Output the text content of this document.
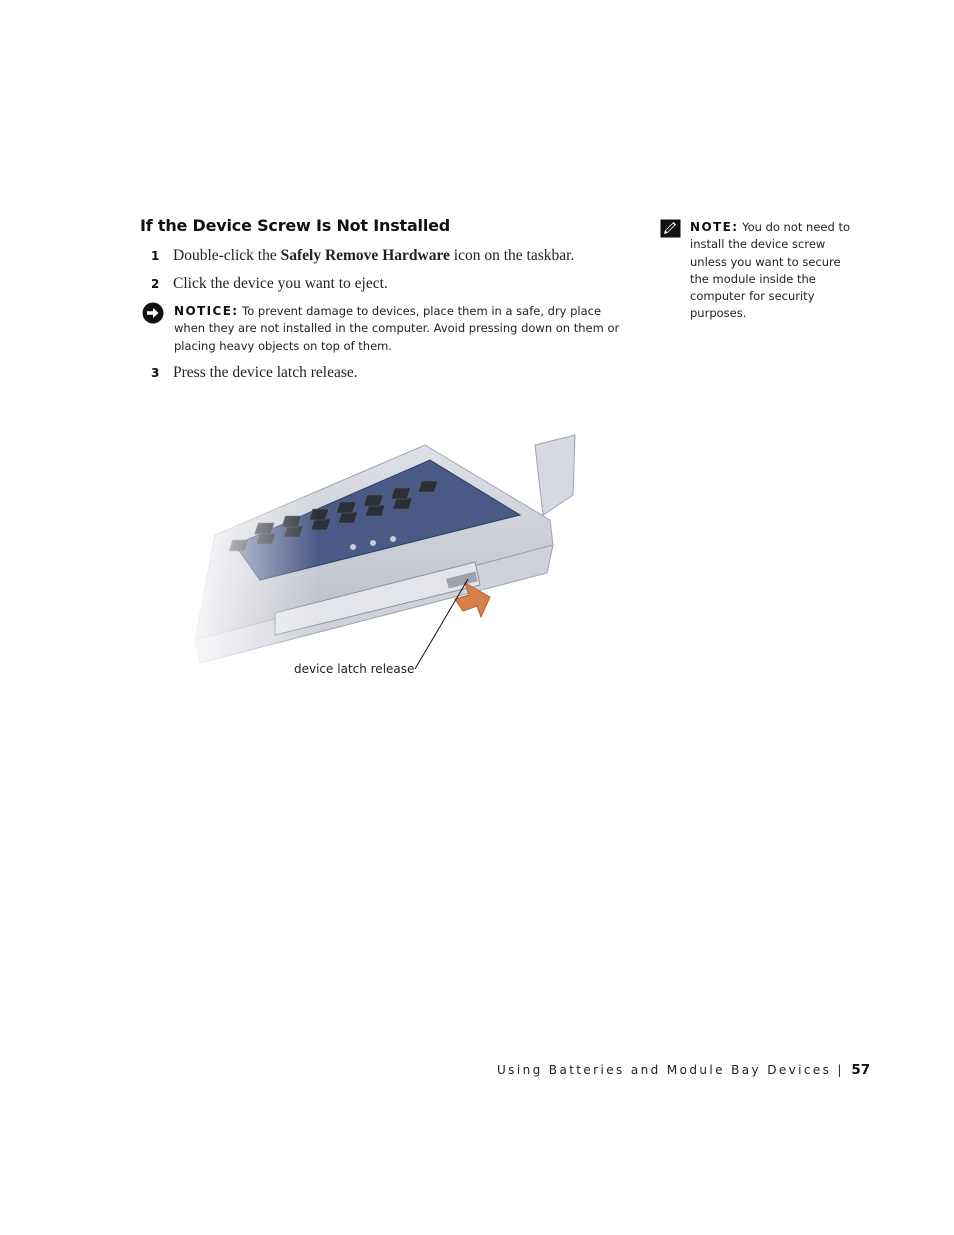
If the Device Screw Is Not Installed
1 Double-click the Safely Remove Hardware icon on the taskbar.
2 Click the device you want to eject.
NOTICE: To prevent damage to devices, place them in a safe, dry place when they are not installed in the computer. Avoid pressing down on them or placing heavy objects on top of them.
3 Press the device latch release.
NOTE: You do not need to install the device screw unless you want to secure the module inside the computer for security purposes.
device latch release
Using Batteries and Module Bay Devices | 57
